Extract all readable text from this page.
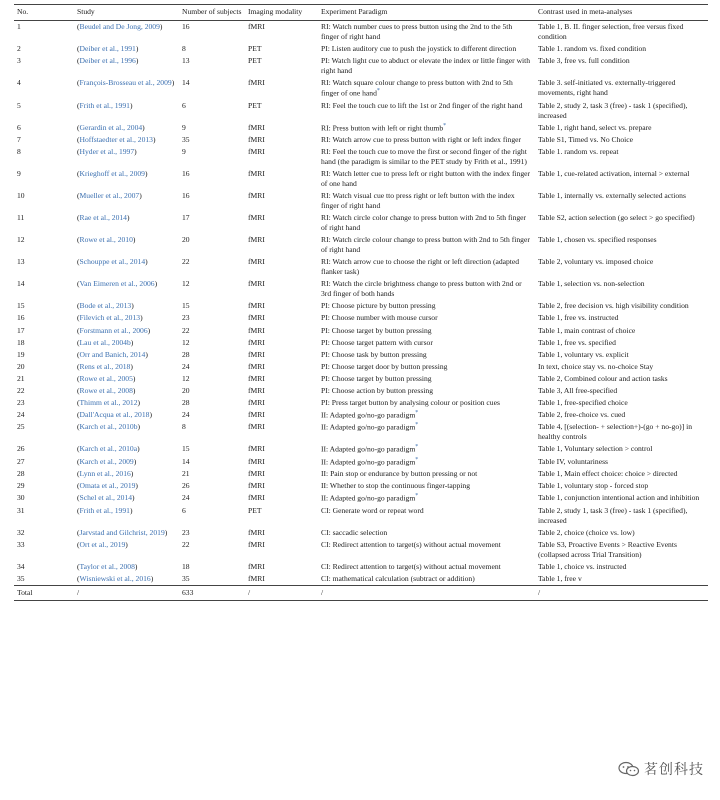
No.	Study	Number of subjects	Imaging modality	Experiment Paradigm	Contrast used in meta-analyses
1	(Beudel and De Jong, 2009)	16	fMRI	RI: Watch number cues to press button using the 2nd to the 5th finger of right hand	Table 1, B. II. finger selection, free versus fixed condition
2	(Deiber et al., 1991)	8	PET	PI: Listen auditory cue to push the joystick to different direction	Table 1. random vs. fixed condition
3	(Deiber et al., 1996)	13	PET	PI: Watch light cue to abduct or elevate the index or little finger with right hand	Table 3, free vs. full condition
4	(François-Brosseau et al., 2009)	14	fMRI	RI: Watch square colour change to press button with 2nd to 5th finger of one hand*	Table 3. self-initiated vs. externally-triggered movements, right hand
5	(Frith et al., 1991)	6	PET	RI: Feel the touch cue to lift the 1st or 2nd finger of the right hand	Table 2, study 2, task 3 (free) - task 1 (specified), increased
6	(Gerardin et al., 2004)	9	fMRI	RI: Press button with left or right thumb*	Table 1, right hand, select vs. prepare
7	(Hoffstaedter et al., 2013)	35	fMRI	RI: Watch arrow cue to press button with right or left index finger	Table S1, Timed vs. No Choice
8	(Hyder et al., 1997)	9	fMRI	RI: Feel the touch cue to move the first or second finger of the right hand (the paradigm is similar to the PET study by Frith et al., 1991)	Table 1. random vs. repeat
9	(Krieghoff et al., 2009)	16	fMRI	RI: Watch letter cue to press left or right button with the index finger of one hand	Table 1, cue-related activation, internal > external
10	(Mueller et al., 2007)	16	fMRI	RI: Watch visual cue tto press right or left button with the index finger of right hand	Table 1, internally vs. externally selected actions
11	(Rae et al., 2014)	17	fMRI	RI: Watch circle color change to press button with 2nd to 5th finger of right hand	Table S2, action selection (go select > go specified)
12	(Rowe et al., 2010)	20	fMRI	RI: Watch circle colour change to press button with 2nd to 5th finger of right hand	Table 1, chosen vs. specified responses
13	(Schouppe et al., 2014)	22	fMRI	RI: Watch arrow cue to choose the right or left direction (adapted flanker task)	Table 2, voluntary vs. imposed choice
14	(Van Eimeren et al., 2006)	12	fMRI	RI: Watch the circle brightness change to press button with 2nd or 3rd finger of both hands	Table 1, selection vs. non-selection
15	(Bode et al., 2013)	15	fMRI	PI: Choose picture by button pressing	Table 2, free decision vs. high visibility condition
16	(Filevich et al., 2013)	23	fMRI	PI: Choose number with mouse cursor	Table 1, free vs. instructed
17	(Forstmann et al., 2006)	22	fMRI	PI: Choose target by button pressing	Table 1, main contrast of choice
18	(Lau et al., 2004b)	12	fMRI	PI: Choose target pattern with cursor	Table 1, free vs. specified
19	(Orr and Banich, 2014)	28	fMRI	PI: Choose task by button pressing	Table 1, voluntary vs. explicit
20	(Rens et al., 2018)	24	fMRI	PI: Choose target door by button pressing	In text, choice stay vs. no-choice Stay
21	(Rowe et al., 2005)	12	fMRI	PI: Choose target by button pressing	Table 2, Combined colour and action tasks
22	(Rowe et al., 2008)	20	fMRI	PI: Choose action by button pressing	Table 3, All free-specified
23	(Thimm et al., 2012)	28	fMRI	PI: Press target button by analysing colour or position cues	Table 1, free-specified choice
24	(Dall'Acqua et al., 2018)	24	fMRI	II: Adapted go/no-go paradigm*	Table 2, free-choice vs. cued
25	(Karch et al., 2010b)	8	fMRI	II: Adapted go/no-go paradigm*	Table 4, [(selection- + selection+)-(go + no-go)] in healthy controls
26	(Karch et al., 2010a)	15	fMRI	II: Adapted go/no-go paradigm*	Table 1, Voluntary selection > control
27	(Karch et al., 2009)	14	fMRI	II: Adapted go/no-go paradigm*	Table IV, voluntariness
28	(Lynn et al., 2016)	21	fMRI	II: Pain stop or endurance by button pressing or not	Table 1, Main effect choice: choice > directed
29	(Omata et al., 2019)	26	fMRI	II: Whether to stop the continuous finger-tapping	Table 1, voluntary stop - forced stop
30	(Schel et al., 2014)	24	fMRI	II: Adapted go/no-go paradigm*	Table 1, conjunction intentional action and inhibition
31	(Frith et al., 1991)	6	PET	CI: Generate word or repeat word	Table 2, study 1, task 3 (free) - task 1 (specified), increased
32	(Jarvstad and Gilchrist, 2019)	23	fMRI	CI: saccadic selection	Table 2, choice (choice vs. low)
33	(Ort et al., 2019)	22	fMRI	CI: Redirect attention to target(s) without actual movement	Table S3, Proactive Events > Reactive Events (collapsed across Trial Transition)
34	(Taylor et al., 2008)	18	fMRI	CI: Redirect attention to target(s) without actual movement	Table 1, choice vs. instructed
35	(Wisniewski et al., 2016)	35	fMRI	CI: mathematical calculation (subtract or addition)	Table 1, free v
Total	/	633	/	/	/
茗创科技
